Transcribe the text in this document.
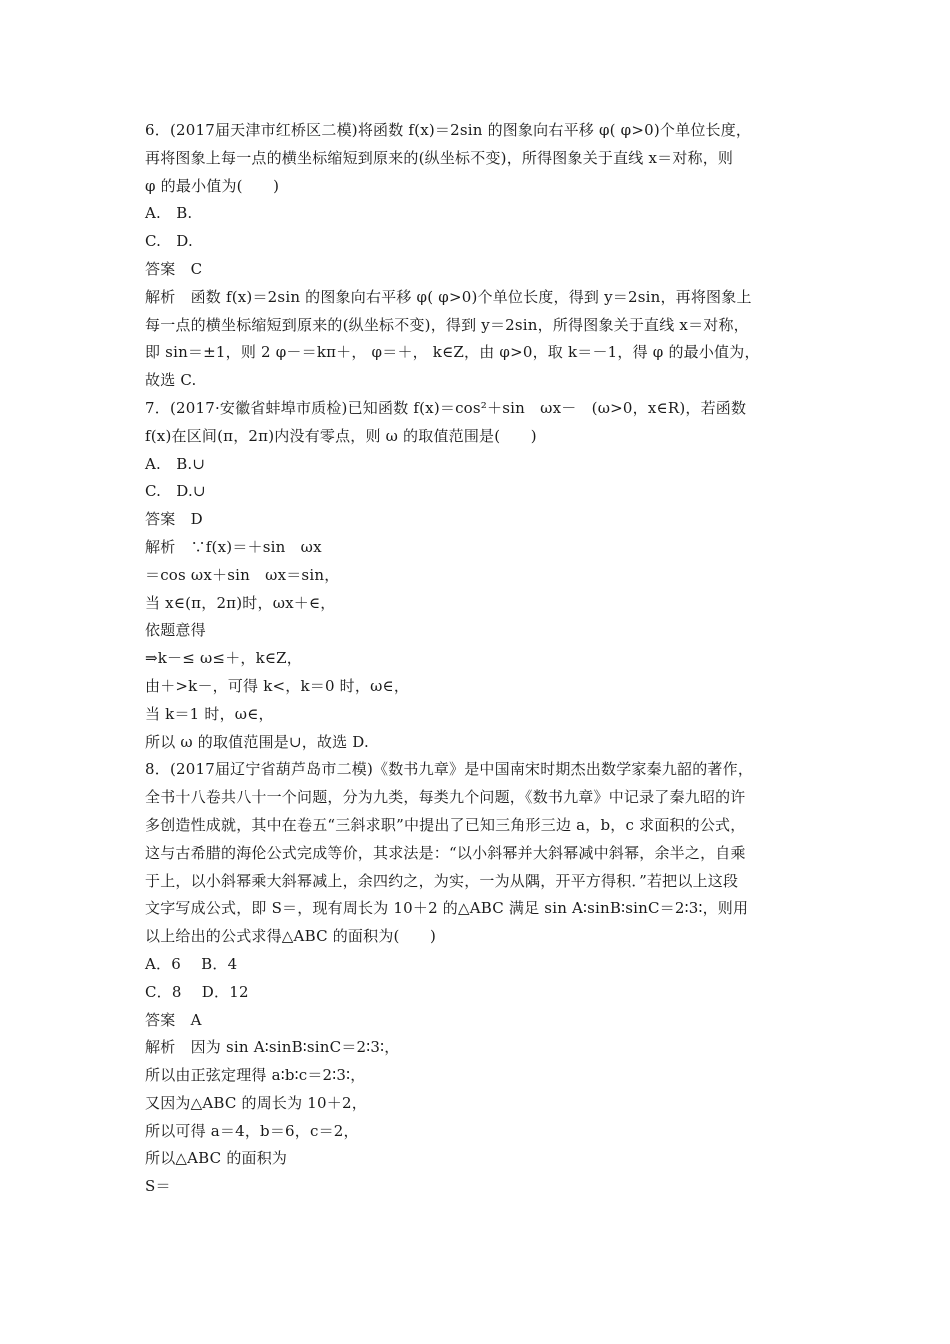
6．(2017届天津市红桥区二模)将函数 f(x)＝2sin 的图象向右平移 φ( φ>0)个单位长度，
再将图象上每一点的横坐标缩短到原来的(纵坐标不变)，所得图象关于直线 x＝对称，则
φ 的最小值为(　　)
A.　B.
C.　D.
答案　C
解析　函数 f(x)＝2sin 的图象向右平移 φ( φ>0)个单位长度，得到 y＝2sin，再将图象上
每一点的横坐标缩短到原来的(纵坐标不变)，得到 y＝2sin，所得图象关于直线 x＝对称，
即 sin＝±1，则 2 φ－＝kπ＋， φ＝＋， k∈Z，由 φ>0，取 k＝－1，得 φ 的最小值为，
故选 C.
7．(2017·安徽省蚌埠市质检)已知函数 f(x)＝cos²＋sin　ωx－　(ω>0，x∈R)，若函数
f(x)在区间(π，2π)内没有零点，则 ω 的取值范围是(　　)
A.　B.∪
C.　D.∪
答案　D
解析　∵f(x)＝＋sin　ωx
＝cos ωx＋sin　ωx＝sin，
当 x∈(π，2π)时，ωx＋∈，
依题意得
⇒k－≤ ω≤＋，k∈Z，
由＋>k－，可得 k<，k＝0 时，ω∈，
当 k＝1 时，ω∈，
所以 ω 的取值范围是∪，故选 D.
8．(2017届辽宁省葫芦岛市二模)《数书九章》是中国南宋时期杰出数学家秦九韶的著作，
全书十八卷共八十一个问题，分为九类，每类九个问题，《数书九章》中记录了秦九昭的许
多创造性成就，其中在卷五“三斜求职”中提出了已知三角形三边 a，b，c 求面积的公式，
这与古希腊的海伦公式完成等价，其求法是：“以小斜幂并大斜幂减中斜幂，余半之，自乘
于上，以小斜幂乘大斜幂减上，余四约之，为实，一为从隅，开平方得积．”若把以上这段
文字写成公式，即 S＝，现有周长为 10＋2 的△ABC 满足 sin A∶sinB∶sinC＝2∶3∶，则用
以上给出的公式求得△ABC 的面积为(　　)
A．6　 B．4
C．8　 D．12
答案　A
解析　因为 sin A∶sinB∶sinC＝2∶3∶，
所以由正弦定理得 a∶b∶c＝2∶3∶，
又因为△ABC 的周长为 10＋2，
所以可得 a＝4，b＝6，c＝2，
所以△ABC 的面积为
S＝
